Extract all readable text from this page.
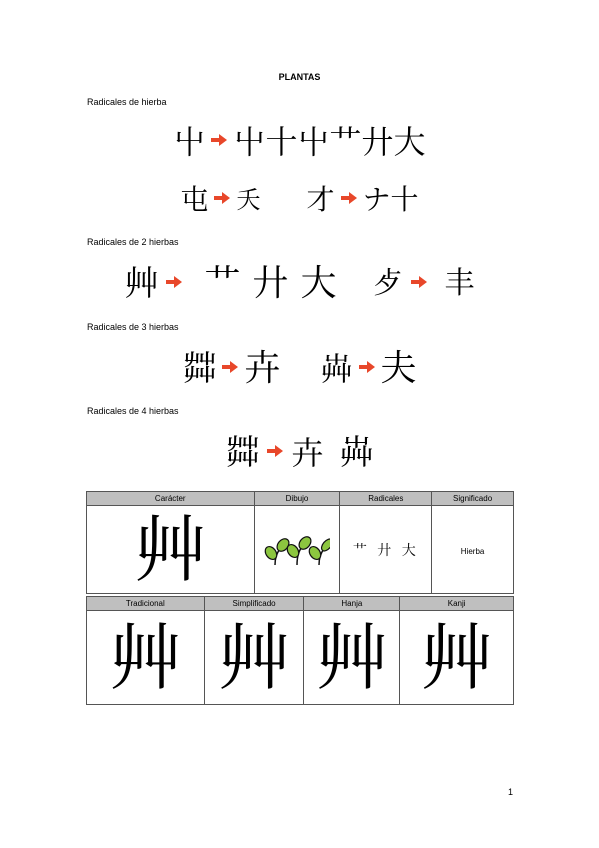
PLANTAS
Radicales de hierba
屮 屮 十 屮 艹 廾 大
屯 夭 才 ナ 十
Radicales de 2 hierbas
艸 艹 廾 大 歺 丰
Radicales de 3 hierbas
茻 卉 芔 夫
Radicales de 4 hierbas
茻 卉 芔
Carácter	Dibujo	Radicales	Significado
艸		艹 廾 大	Hierba
Tradicional	Simplificado	Hanja	Kanji
艸	艸	艸	艸
1
